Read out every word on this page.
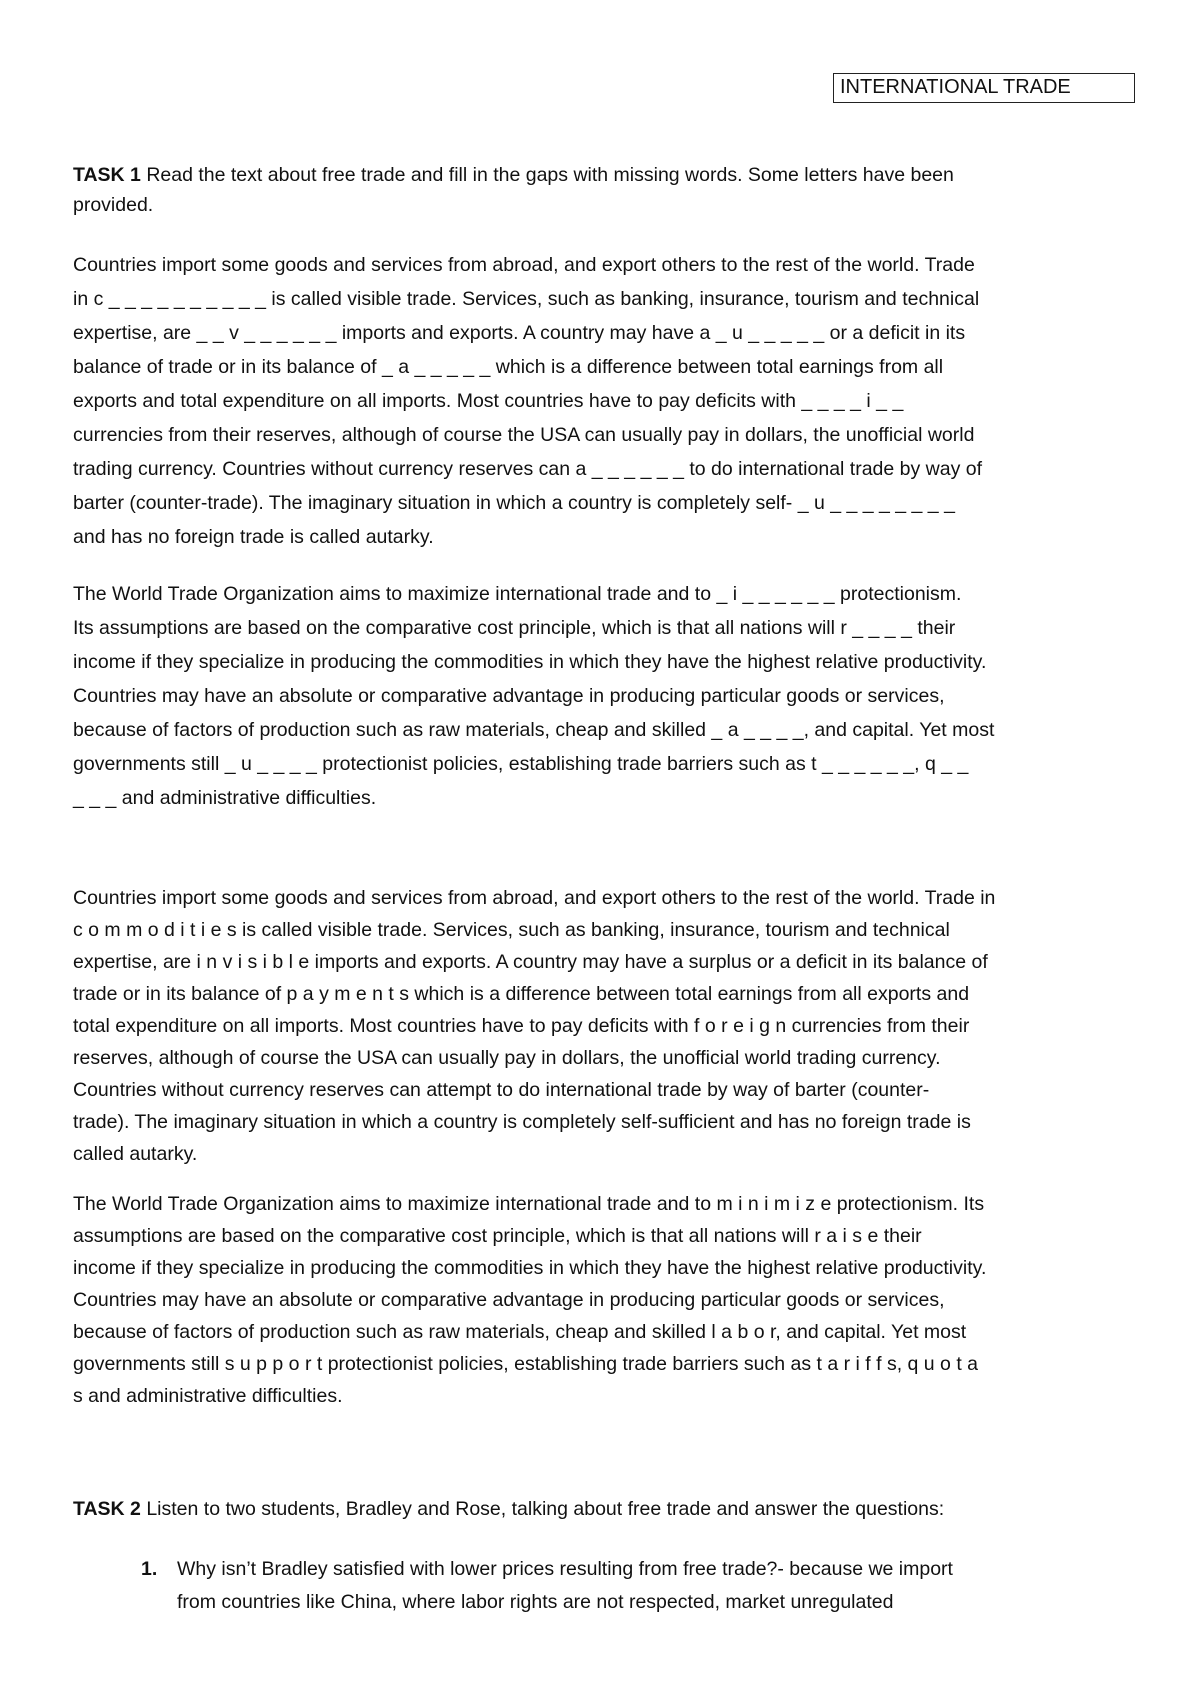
INTERNATIONAL TRADE
TASK 1 Read the text about free trade and fill in the gaps with missing words. Some letters have been
provided.
Countries import some goods and services from abroad, and export others to the rest of the world. Trade
in c _ _ _ _ _ _ _ _ _ _ is called visible trade. Services, such as banking, insurance, tourism and technical
expertise, are _ _ v _ _ _ _ _ _ imports and exports. A country may have a _ u _ _ _ _ _ or a deficit in its
balance of trade or in its balance of _ a _ _ _ _ _ which is a difference between total earnings from all
exports and total expenditure on all imports. Most countries have to pay deficits with _ _ _ _ i _ _
currencies from their reserves, although of course the USA can usually pay in dollars, the unofficial world
trading currency. Countries without currency reserves can a _ _ _ _ _ _ to do international trade by way of
barter (counter-trade). The imaginary situation in which a country is completely self- _ u _ _ _ _ _ _ _ _
and has no foreign trade is called autarky.
The World Trade Organization aims to maximize international trade and to _ i _ _ _ _ _ _ protectionism.
Its assumptions are based on the comparative cost principle, which is that all nations will r _ _ _ _ their
income if they specialize in producing the commodities in which they have the highest relative productivity.
Countries may have an absolute or comparative advantage in producing particular goods or services,
because of factors of production such as raw materials, cheap and skilled _ a _ _ _ _, and capital. Yet most
governments still _ u _ _ _ _ protectionist policies, establishing trade barriers such as t _ _ _ _ _ _, q _ _
_ _ _ and administrative difficulties.
Countries import some goods and services from abroad, and export others to the rest of the world. Trade in
c o m m o d i t i e s is called visible trade. Services, such as banking, insurance, tourism and technical
expertise, are i n v i s i b l e imports and exports. A country may have a surplus or a deficit in its balance of
trade or in its balance of p a y m e n t s which is a difference between total earnings from all exports and
total expenditure on all imports. Most countries have to pay deficits with f o r e i g n currencies from their
reserves, although of course the USA can usually pay in dollars, the unofficial world trading currency.
Countries without currency reserves can attempt to do international trade by way of barter (counter-
trade). The imaginary situation in which a country is completely self-sufficient and has no foreign trade is
called autarky.
The World Trade Organization aims to maximize international trade and to m i n i m i z e protectionism. Its
assumptions are based on the comparative cost principle, which is that all nations will r a i s e their
income if they specialize in producing the commodities in which they have the highest relative productivity.
Countries may have an absolute or comparative advantage in producing particular goods or services,
because of factors of production such as raw materials, cheap and skilled l a b o r, and capital. Yet most
governments still s u p p o r t protectionist policies, establishing trade barriers such as t a r i f f s, q u o t a
s and administrative difficulties.
TASK 2 Listen to two students, Bradley and Rose, talking about free trade and answer the questions:
1. Why isn’t Bradley satisfied with lower prices resulting from free trade?- because we import
from countries like China, where labor rights are not respected, market unregulated
